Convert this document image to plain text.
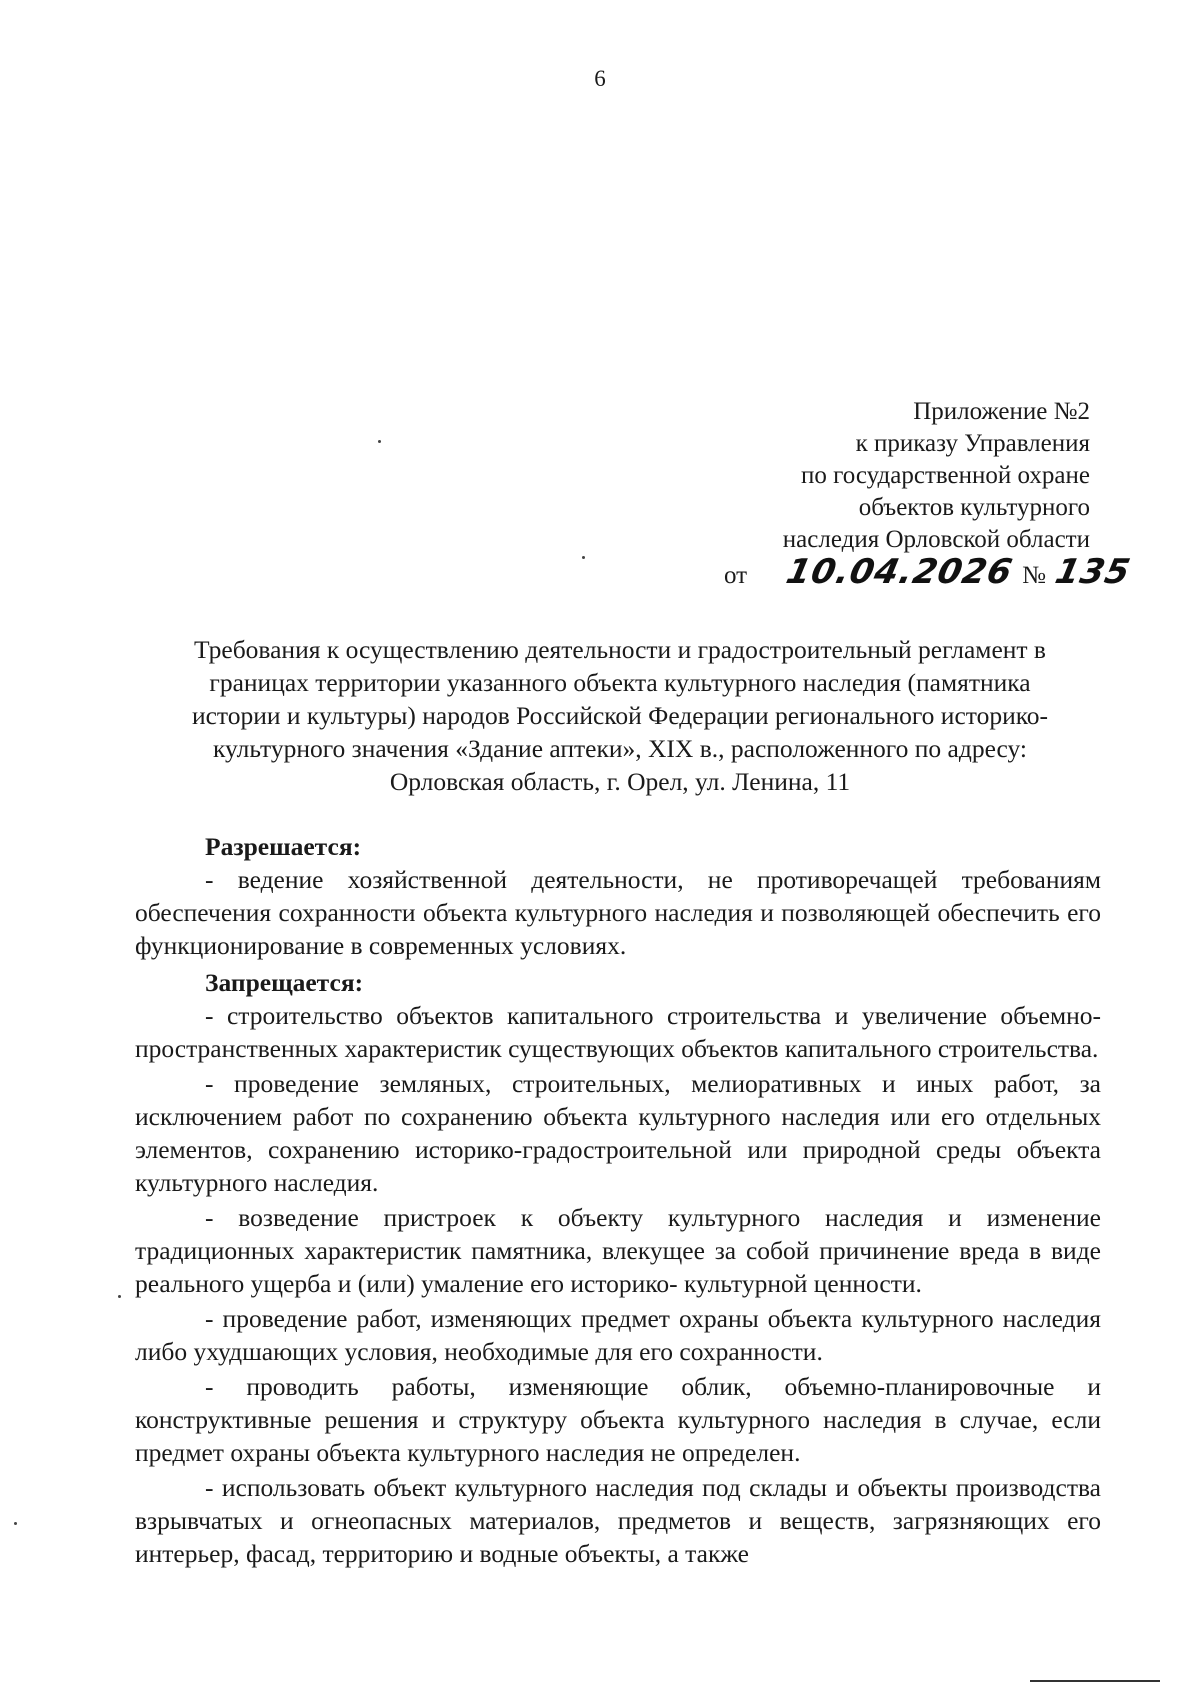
6
Приложение №2
к приказу Управления
по государственной охране
объектов культурного
наследия Орловской области
от 10.04.2026 № 135
Требования к осуществлению деятельности и градостроительный регламент в
границах территории указанного объекта культурного наследия (памятника
истории и культуры) народов Российской Федерации регионального историко-
культурного значения «Здание аптеки», XIX в., расположенного по адресу:
Орловская область, г. Орел, ул. Ленина, 11
Разрешается:

- ведение хозяйственной деятельности, не противоречащей требованиям обеспечения сохранности объекта культурного наследия и позволяющей обеспечить его функционирование в современных условиях.

Запрещается:

- строительство объектов капитального строительства и увеличение объемно-пространственных характеристик существующих объектов капитального строительства.

- проведение земляных, строительных, мелиоративных и иных работ, за исключением работ по сохранению объекта культурного наследия или его отдельных элементов, сохранению историко-градостроительной или природной среды объекта культурного наследия.

- возведение пристроек к объекту культурного наследия и изменение традиционных характеристик памятника, влекущее за собой причинение вреда в виде реального ущерба и (или) умаление его историко- культурной ценности.

- проведение работ, изменяющих предмет охраны объекта культурного наследия либо ухудшающих условия, необходимые для его сохранности.

- проводить работы, изменяющие облик, объемно-планировочные и конструктивные решения и структуру объекта культурного наследия в случае, если предмет охраны объекта культурного наследия не определен.

- использовать объект культурного наследия под склады и объекты производства взрывчатых и огнеопасных материалов, предметов и веществ, загрязняющих его интерьер, фасад, территорию и водные объекты, а также
